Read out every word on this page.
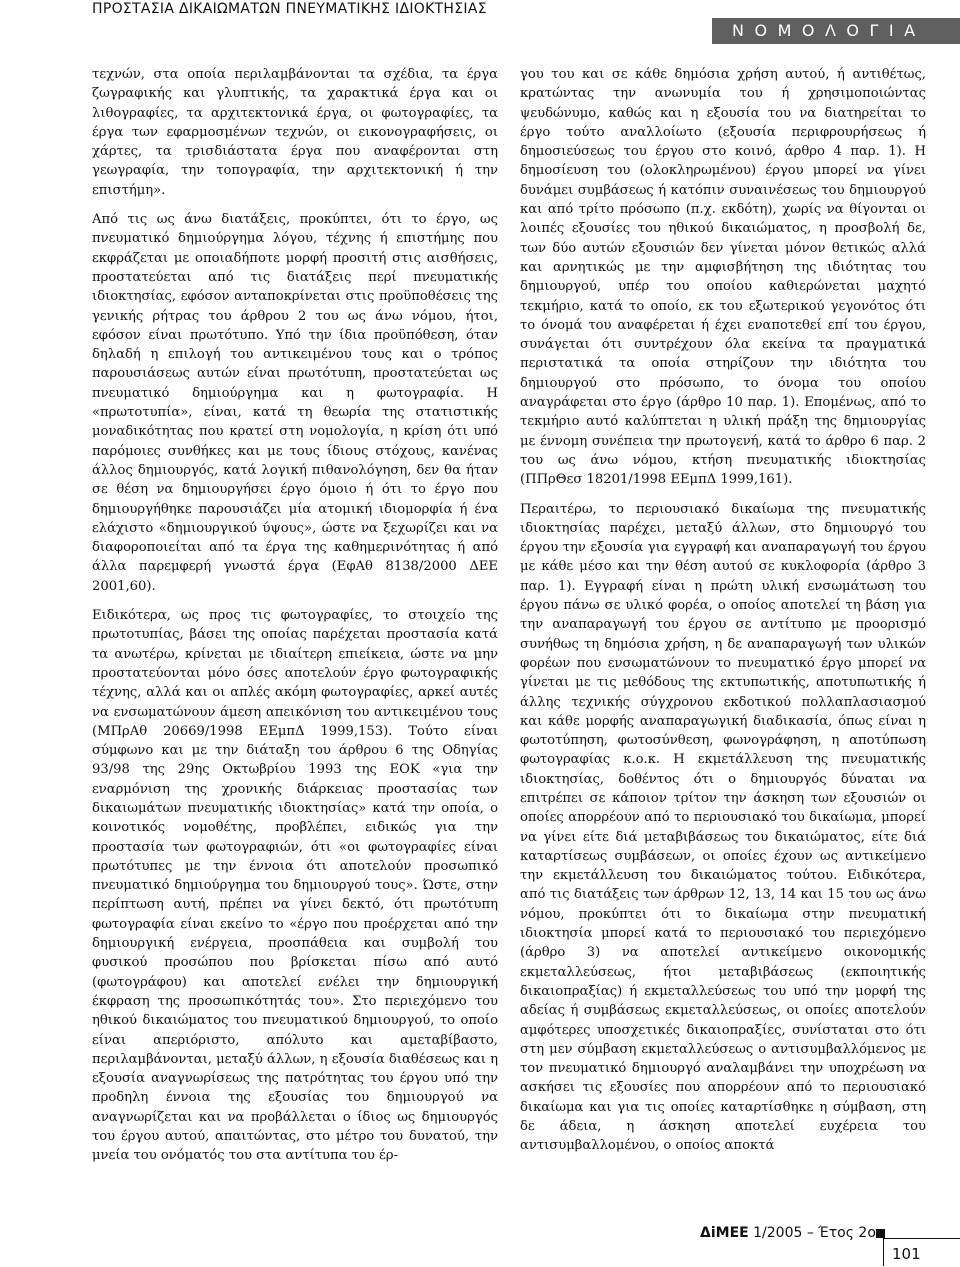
ΠΡΟΣΤΑΣΙΑ ΔΙΚΑΙΩΜΑΤΩΝ ΠΝΕΥΜΑΤΙΚΗΣ ΙΔΙΟΚΤΗΣΙΑΣ
ΝΟΜΟΛΟΓΙΑ

τεχνών, στα οποία περιλαμβάνονται τα σχέδια, τα έργα ζωγραφικής και γλυπτικής, τα χαρακτικά έργα και οι λιθογραφίες, τα αρχιτεκτονικά έργα, οι φωτογραφίες, τα έργα των εφαρμοσμένων τεχνών, οι εικονογραφήσεις, οι χάρτες, τα τρισδιάστατα έργα που αναφέρονται στη γεωγραφία, την τοπογραφία, την αρχιτεκτονική ή την επιστήμη».

Από τις ως άνω διατάξεις, προκύπτει, ότι το έργο, ως πνευματικό δημιούργημα λόγου, τέχνης ή επιστήμης που εκφράζεται με οποιαδήποτε μορφή προσιτή στις αισθήσεις, προστατεύεται από τις διατάξεις περί πνευματικής ιδιοκτησίας, εφόσον ανταποκρίνεται στις προϋποθέσεις της γενικής ρήτρας του άρθρου 2 του ως άνω νόμου, ήτοι, εφόσον είναι πρωτότυπο. Υπό την ίδια προϋπόθεση, όταν δηλαδή η επιλογή του αντικειμένου τους και ο τρόπος παρουσιάσεως αυτών είναι πρωτότυπη, προστατεύεται ως πνευματικό δημιούργημα και η φωτογραφία. Η «πρωτοτυπία», είναι, κατά τη θεωρία της στατιστικής μοναδικότητας που κρατεί στη νομολογία, η κρίση ότι υπό παρόμοιες συνθήκες και με τους ίδιους στόχους, κανένας άλλος δημιουργός, κατά λογική πιθανολόγηση, δεν θα ήταν σε θέση να δημιουργήσει έργο όμοιο ή ότι το έργο που δημιουργήθηκε παρουσιάζει μία ατομική ιδιομορφία ή ένα ελάχιστο «δημιουργικού ύψους», ώστε να ξεχωρίζει και να διαφοροποιείται από τα έργα της καθημερινότητας ή από άλλα παρεμφερή γνωστά έργα (ΕφΑθ 8138/2000 ΔΕΕ 2001,60).

Ειδικότερα, ως προς τις φωτογραφίες, το στοιχείο της πρωτοτυπίας, βάσει της οποίας παρέχεται προστασία κατά τα ανωτέρω, κρίνεται με ιδιαίτερη επιείκεια, ώστε να μην προστατεύονται μόνο όσες αποτελούν έργο φωτογραφικής τέχνης, αλλά και οι απλές ακόμη φωτογραφίες, αρκεί αυτές να ενσωματώνουν άμεση απεικόνιση του αντικειμένου τους (ΜΠρΑθ 20669/1998 ΕΕμπΔ 1999,153). Τούτο είναι σύμφωνο και με την διάταξη του άρθρου 6 της Οδηγίας 93/98 της 29ης Οκτωβρίου 1993 της ΕΟΚ «για την εναρμόνιση της χρονικής διάρκειας προστασίας των δικαιωμάτων πνευματικής ιδιοκτησίας» κατά την οποία, ο κοινοτικός νομοθέτης, προβλέπει, ειδικώς για την προστασία των φωτογραφιών, ότι «οι φωτογραφίες είναι πρωτότυπες με την έννοια ότι αποτελούν προσωπικό πνευματικό δημιούργημα του δημιουργού τους». Ώστε, στην περίπτωση αυτή, πρέπει να γίνει δεκτό, ότι πρωτότυπη φωτογραφία είναι εκείνο το «έργο που προέρχεται από την δημιουργική ενέργεια, προσπάθεια και συμβολή του φυσικού προσώπου που βρίσκεται πίσω από αυτό (φωτογράφου) και αποτελεί ενέλει την δημιουργική έκφραση της προσωπικότητάς του». Στο περιεχόμενο του ηθικού δικαιώματος του πνευματικού δημιουργού, το οποίο είναι απεριόριστο, απόλυτο και αμεταβίβαστο, περιλαμβάνονται, μεταξύ άλλων, η εξουσία διαθέσεως και η εξουσία αναγνωρίσεως της πατρότητας του έργου υπό την προδηλη έννοια της εξουσίας του δημιουργού να αναγνωρίζεται και να προβάλλεται ο ίδιος ως δημιουργός του έργου αυτού, απαιτώντας, στο μέτρο του δυνατού, την μνεία του ονόματός του στα αντίτυπα του έρ-

γου του και σε κάθε δημόσια χρήση αυτού, ή αντιθέτως, κρατώντας την ανωνυμία του ή χρησιμοποιώντας ψευδώνυμο, καθώς και η εξουσία του να διατηρείται το έργο τούτο αναλλοίωτο (εξουσία περιφρουρήσεως ή δημοσιεύσεως του έργου στο κοινό, άρθρο 4 παρ. 1). Η δημοσίευση του (ολοκληρωμένου) έργου μπορεί να γίνει δυνάμει συμβάσεως ή κατόπιν συναινέσεως του δημιουργού και από τρίτο πρόσωπο (π.χ. εκδότη), χωρίς να θίγονται οι λοιπές εξουσίες του ηθικού δικαιώματος, η προσβολή δε, των δύο αυτών εξουσιών δεν γίνεται μόνον θετικώς αλλά και αρνητικώς με την αμφισβήτηση της ιδιότητας του δημιουργού, υπέρ του οποίου καθιερώνεται μαχητό τεκμήριο, κατά το οποίο, εκ του εξωτερικού γεγονότος ότι το όνομά του αναφέρεται ή έχει εναποτεθεί επί του έργου, συνάγεται ότι συντρέχουν όλα εκείνα τα πραγματικά περιστατικά τα οποία στηρίζουν την ιδιότητα του δημιουργού στο πρόσωπο, το όνομα του οποίου αναγράφεται στο έργο (άρθρο 10 παρ. 1). Επομένως, από το τεκμήριο αυτό καλύπτεται η υλική πράξη της δημιουργίας με έννομη συνέπεια την πρωτογενή, κατά το άρθρο 6 παρ. 2 του ως άνω νόμου, κτήση πνευματικής ιδιοκτησίας (ΠΠρΘεσ 18201/1998 ΕΕμπΔ 1999,161).

Περαιτέρω, το περιουσιακό δικαίωμα της πνευματικής ιδιοκτησίας παρέχει, μεταξύ άλλων, στο δημιουργό του έργου την εξουσία για εγγραφή και αναπαραγωγή του έργου με κάθε μέσο και την θέση αυτού σε κυκλοφορία (άρθρο 3 παρ. 1). Εγγραφή είναι η πρώτη υλική ενσωμάτωση του έργου πάνω σε υλικό φορέα, ο οποίος αποτελεί τη βάση για την αναπαραγωγή του έργου σε αντίτυπο με προορισμό συνήθως τη δημόσια χρήση, η δε αναπαραγωγή των υλικών φορέων που ενσωματώνουν το πνευματικό έργο μπορεί να γίνεται με τις μεθόδους της εκτυπωτικής, αποτυπωτικής ή άλλης τεχνικής σύγχρονου εκδοτικού πολλαπλασιασμού και κάθε μορφής αναπαραγωγική διαδικασία, όπως είναι η φωτοτύπηση, φωτοσύνθεση, φωνογράφηση, η αποτύπωση φωτογραφίας κ.ο.κ. Η εκμετάλλευση της πνευματικής ιδιοκτησίας, δοθέντος ότι ο δημιουργός δύναται να επιτρέπει σε κάποιον τρίτον την άσκηση των εξουσιών οι οποίες απορρέουν από το περιουσιακό του δικαίωμα, μπορεί να γίνει είτε διά μεταβιβάσεως του δικαιώματος, είτε διά καταρτίσεως συμβάσεων, οι οποίες έχουν ως αντικείμενο την εκμετάλλευση του δικαιώματος τούτου. Ειδικότερα, από τις διατάξεις των άρθρων 12, 13, 14 και 15 του ως άνω νόμου, προκύπτει ότι το δικαίωμα στην πνευματική ιδιοκτησία μπορεί κατά το περιουσιακό του περιεχόμενο (άρθρο 3) να αποτελεί αντικείμενο οικονομικής εκμεταλλεύσεως, ήτοι μεταβιβάσεως (εκποιητικής δικαιοπραξίας) ή εκμεταλλεύσεως του υπό την μορφή της αδείας ή συμβάσεως εκμεταλλεύσεως, οι οποίες αποτελούν αμφότερες υποσχετικές δικαιοπραξίες, συνίσταται στο ότι στη μεν σύμβαση εκμεταλλεύσεως ο αντισυμβαλλόμενος με τον πνευματικό δημιουργό αναλαμβάνει την υποχρέωση να ασκήσει τις εξουσίες που απορρέουν από το περιουσιακό δικαίωμα και για τις οποίες καταρτίσθηκε η σύμβαση, στη δε άδεια, η άσκηση αποτελεί ευχέρεια του αντισυμβαλλομένου, ο οποίος αποκτά

ΔiΜΕΕ 1/2005 – Έτος 2ο
101
